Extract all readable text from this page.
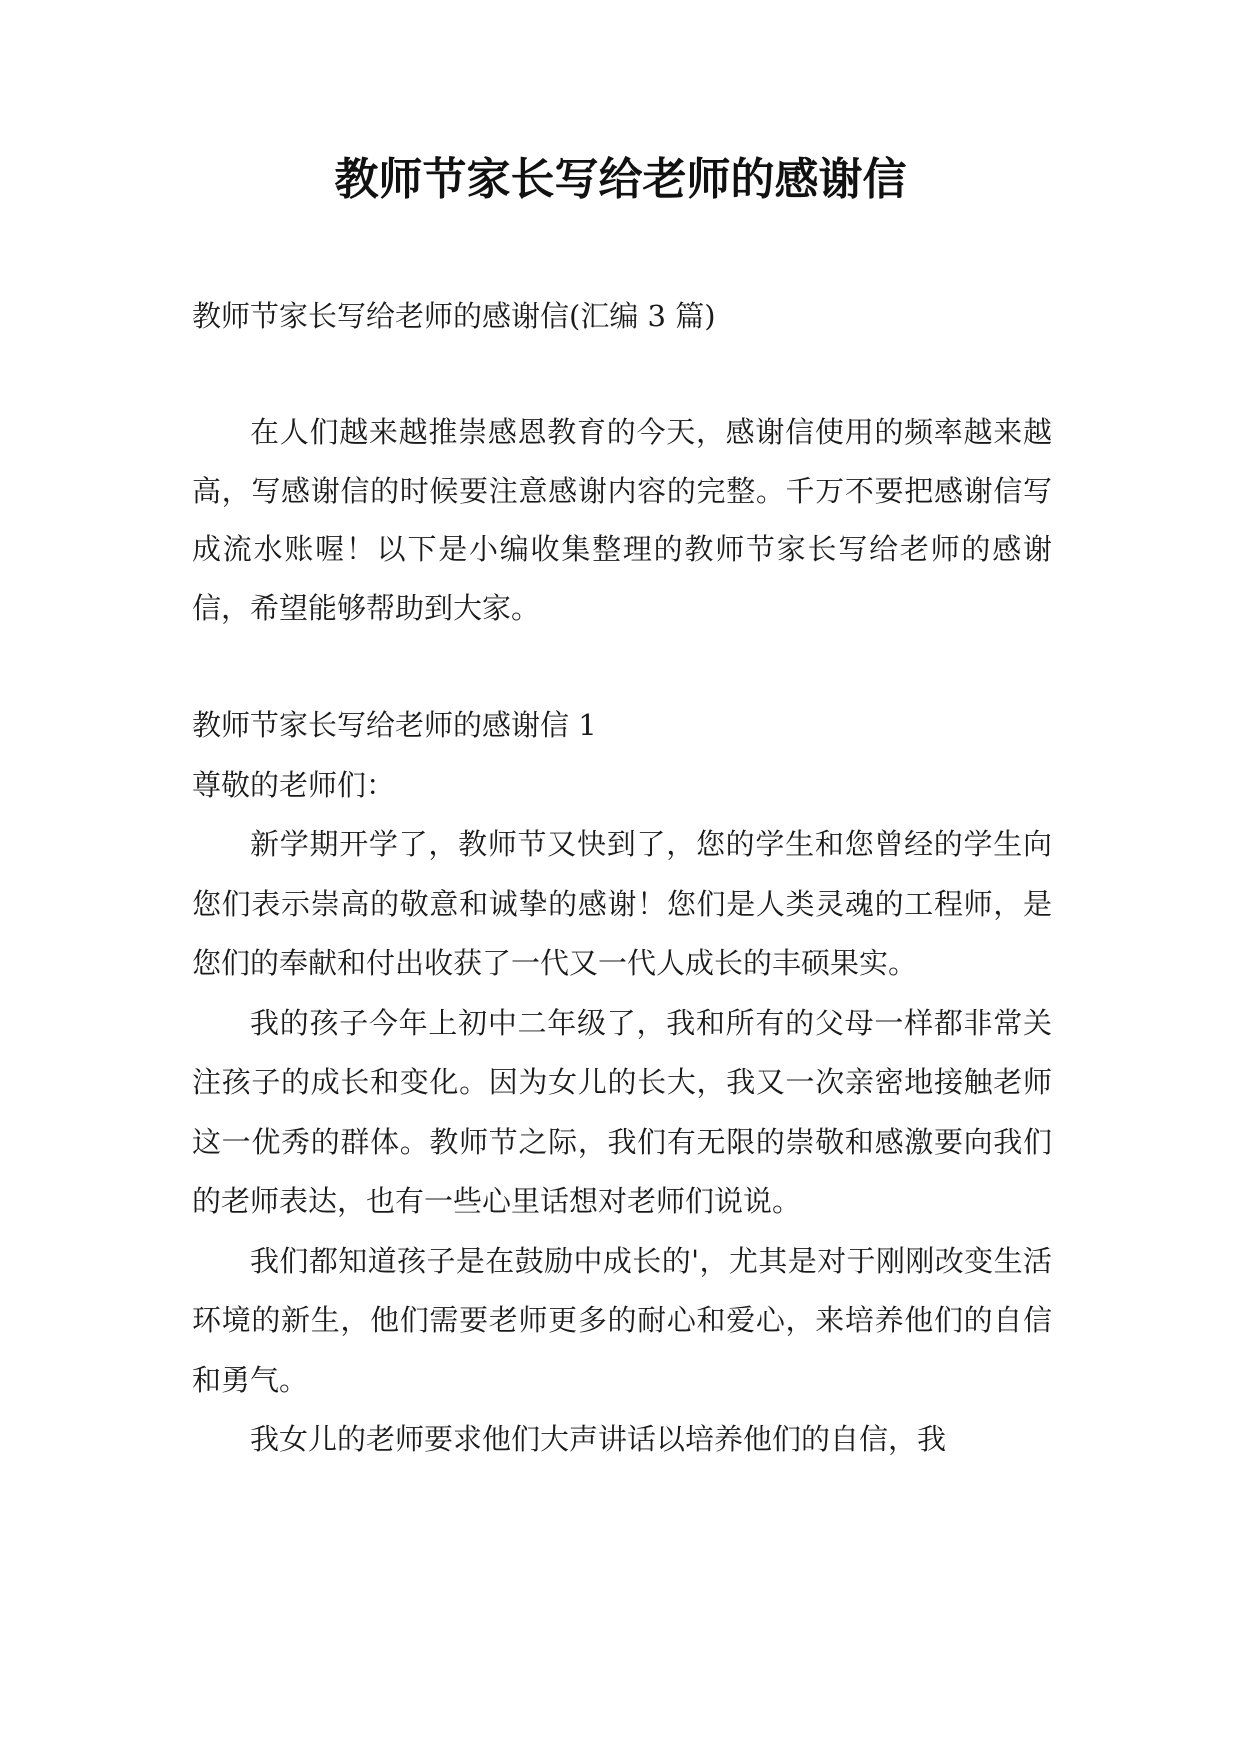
教师节家长写给老师的感谢信

教师节家长写给老师的感谢信(汇编 3 篇)

在人们越来越推崇感恩教育的今天，感谢信使用的频率越来越高，写感谢信的时候要注意感谢内容的完整。千万不要把感谢信写成流水账喔！以下是小编收集整理的教师节家长写给老师的感谢信，希望能够帮助到大家。

教师节家长写给老师的感谢信 1

尊敬的老师们：

新学期开学了，教师节又快到了，您的学生和您曾经的学生向您们表示崇高的敬意和诚挚的感谢！您们是人类灵魂的工程师，是您们的奉献和付出收获了一代又一代人成长的丰硕果实。

我的孩子今年上初中二年级了，我和所有的父母一样都非常关注孩子的成长和变化。因为女儿的长大，我又一次亲密地接触老师这一优秀的群体。教师节之际，我们有无限的崇敬和感激要向我们的老师表达，也有一些心里话想对老师们说说。

我们都知道孩子是在鼓励中成长的'，尤其是对于刚刚改变生活环境的新生，他们需要老师更多的耐心和爱心，来培养他们的自信和勇气。

我女儿的老师要求他们大声讲话以培养他们的自信，我
